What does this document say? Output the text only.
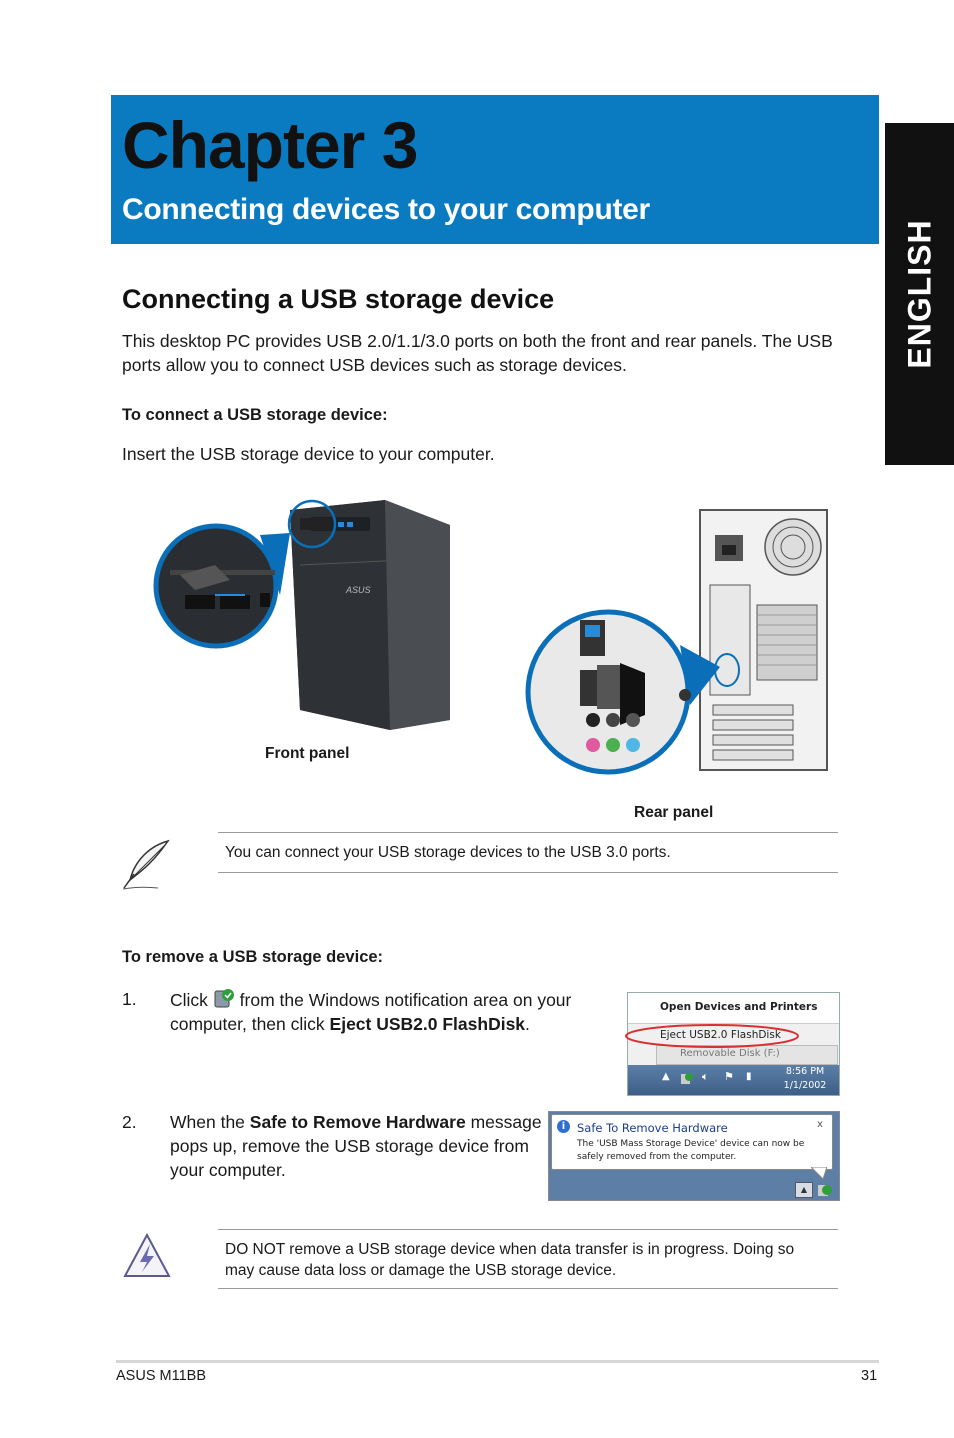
Chapter 3
Connecting devices to your computer
ENGLISH
Connecting a USB storage device
This desktop PC provides USB 2.0/1.1/3.0 ports on both the front and rear panels. The USB ports allow you to connect USB devices such as storage devices.
To connect a USB storage device:
Insert the USB storage device to your computer.
ASUS
Front panel
Rear panel
You can connect your USB storage devices to the USB 3.0 ports.
To remove a USB storage device:
1. Click from the Windows notification area on your computer, then click Eject USB2.0 FlashDisk.
Open Devices and Printers
Eject USB2.0 FlashDisk
Removable Disk (F:)
▲	🔈︎ ⚑ ▮	8:56 PM
1/1/2002
2. When the Safe to Remove Hardware message pops up, remove the USB storage device from your computer.
i	Safe To Remove Hardware	x
The 'USB Mass Storage Device' device can now be safely removed from the computer.
▲
DO NOT remove a USB storage device when data transfer is in progress. Doing so may cause data loss or damage the USB storage device.
ASUS M11BB	31
